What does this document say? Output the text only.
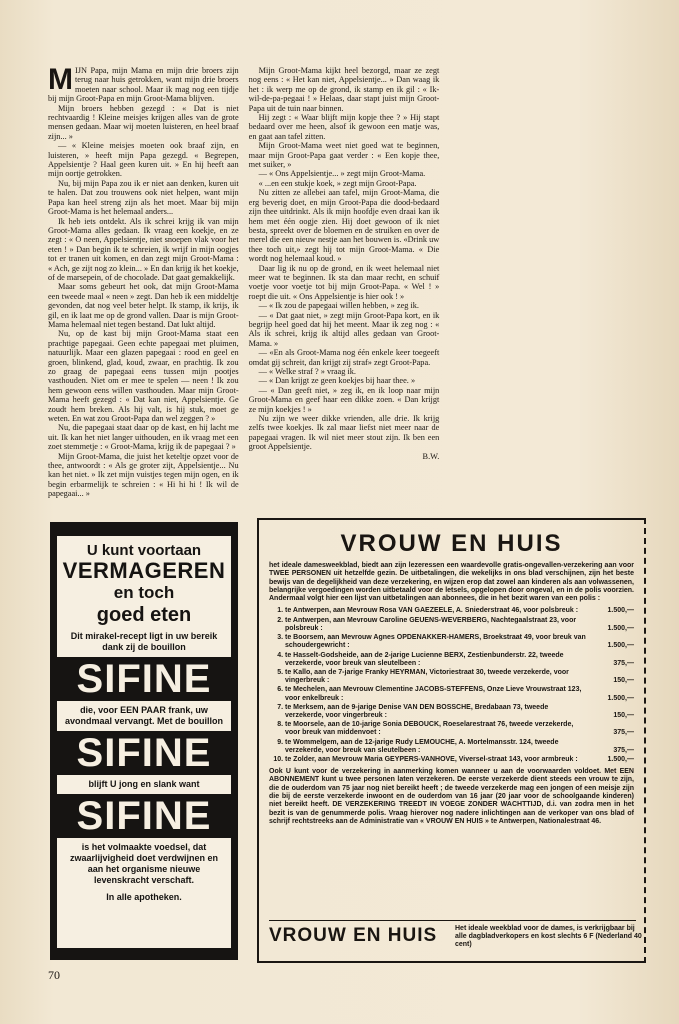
MIJN Papa, mijn Mama en mijn drie broers zijn terug naar huis getrokken, want mijn drie broers moeten naar school. Maar ik mag nog een tijdje bij mijn Groot-Papa en mijn Groot-Mama blijven.

Mijn broers hebben gezegd : « Dat is niet rechtvaardig ! Kleine meisjes krijgen alles van de grote mensen gedaan. Maar wij moeten luisteren, en heel braaf zijn... »

— « Kleine meisjes moeten ook braaf zijn, en luisteren, » heeft mijn Papa gezegd. « Begrepen, Appelsientje ? Haal geen kuren uit. » En hij heeft aan mijn oortje getrokken.

Nu, bij mijn Papa zou ik er niet aan denken, kuren uit te halen. Dat zou trouwens ook niet helpen, want mijn Papa kan heel streng zijn als het moet. Maar bij mijn Groot-Mama is het helemaal anders...

Ik heb iets ontdekt. Als ik schrei krijg ik van mijn Groot-Mama alles gedaan. Ik vraag een koekje, en ze zegt : « O neen, Appelsientje, niet snoepen vlak voor het eten ! » Dan begin ik te schreien, ik wrijf in mijn oogjes tot er tranen uit komen, en dan zegt mijn Groot-Mama : « Ach, ge zijt nog zo klein... » En dan krijg ik het koekje, of de marsepein, of de chocolade. Dat gaat gemakkelijk.

Maar soms gebeurt het ook, dat mijn Groot-Mama een tweede maal « neen » zegt. Dan heb ik een middeltje gevonden, dat nog veel beter helpt. Ik stamp, ik krijs, ik gil, en ik laat me op de grond vallen. Daar is mijn Groot-Mama helemaal niet tegen bestand. Dat lukt altijd.

Nu, op de kast bij mijn Groot-Mama staat een prachtige papegaai. Geen echte papegaai met pluimen, natuurlijk. Maar een glazen papegaai : rood en geel en groen, blinkend, glad, koud, zwaar, en prachtig. Ik zou zo graag de papegaai eens tussen mijn pootjes vasthouden. Niet om er mee te spelen — neen ! Ik zou hem gewoon eens willen vasthouden. Maar mijn Groot-Mama heeft gezegd : « Dat kan niet, Appelsientje. Ge zoudt hem breken. Als hij valt, is hij stuk, moet ge weten. En wat zou Groot-Papa dan wel zeggen ? »

Nu, die papegaai staat daar op de kast, en hij lacht me uit. Ik kan het niet langer uithouden, en ik vraag met een zoet stemmetje : « Groot-Mama, krijg ik de papegaai ? »

Mijn Groot-Mama, die juist het keteltje opzet voor de thee, antwoordt : « Als ge groter zijt, Appelsientje... Nu kan het niet. » Ik zet mijn vuistjes tegen mijn ogen, en ik begin erbarmelijk te schreien : « Hi hi hi ! Ik wil de papegaai... »

Mijn Groot-Mama kijkt heel bezorgd, maar ze zegt nog eens : « Het kan niet, Appelsientje... » Dan waag ik het : ik werp me op de grond, ik stamp en ik gil : « Ik-wil-de-pa-pegaai ! » Helaas, daar stapt juist mijn Groot-Papa uit de tuin naar binnen.

Hij zegt : « Waar blijft mijn kopje thee ? » Hij stapt bedaard over me heen, alsof ik gewoon een matje was, en gaat aan tafel zitten.

Mijn Groot-Mama weet niet goed wat te beginnen, maar mijn Groot-Papa gaat verder : « Een kopje thee, met suiker, »

— « Ons Appelsientje... » zegt mijn Groot-Mama.

« ...en een stukje koek, » zegt mijn Groot-Papa.

Nu zitten ze allebei aan tafel, mijn Groot-Mama, die erg beverig doet, en mijn Groot-Papa die dood-bedaard zijn thee uitdrinkt. Als ik mijn hoofdje even draai kan ik hem met één oogje zien. Hij doet gewoon of ik niet besta, spreekt over de bloemen en de struiken en over de merel die een nieuw nestje aan het bouwen is. «Drink uw thee toch uit,» zegt hij tot mijn Groot-Mama. « Die wordt nog helemaal koud. »

Daar lig ik nu op de grond, en ik weet helemaal niet meer wat te beginnen. Ik sta dan maar recht, en schuif voetje voor voetje tot bij mijn Groot-Papa. « Wel ! » roept die uit. « Ons Appelsientje is hier ook ! »

— « Ik zou de papegaai willen hebben, » zeg ik.

— « Dat gaat niet, » zegt mijn Groot-Papa kort, en ik begrijp heel goed dat hij het meent. Maar ik zeg nog : « Als ik schrei, krijg ik altijd alles gedaan van Groot-Mama. »

— «En als Groot-Mama nog één enkele keer toegeeft omdat gij schreit, dan krijgt zij straf» zegt Groot-Papa.

— « Welke straf ? » vraag ik.

— « Dan krijgt ze geen koekjes bij haar thee. »

— « Dan geeft niet, » zeg ik, en ik loop naar mijn Groot-Mama en geef haar een dikke zoen. « Dan krijgt ze mijn koekjes ! »

Nu zijn we weer dikke vrienden, alle drie. Ik krijg zelfs twee koekjes. Ik zal maar liefst niet meer naar de papegaai vragen. Ik wil niet meer stout zijn. Ik ben een groot Appelsientje.

B.W.
U kunt voortaan
VERMAGEREN
en toch
goed eten
Dit mirakel-recept ligt in uw bereik dank zij de bouillon
SIFINE
die, voor EEN PAAR frank, uw avondmaal vervangt. Met de bouillon
SIFINE
blijft U jong en slank want
SIFINE
is het volmaakte voedsel, dat zwaarlijvigheid doet verdwijnen en aan het organisme nieuwe levenskracht verschaft.
In alle apotheken.
VROUW EN HUIS
het ideale damesweekblad, biedt aan zijn lezeressen een waardevolle gratis-ongevallen-verzekering aan voor TWEE PERSONEN uit hetzelfde gezin. De uitbetalingen, die wekelijks in ons blad verschijnen, zijn het beste bewijs van de degelijkheid van deze verzekering, en wijzen erop dat zowel aan kinderen als aan volwassenen, belangrijke vergoedingen worden uitbetaald voor de letsels, opgelopen door ongeval, en in de polis voorzien. Andermaal volgt hier een lijst van uitbetalingen aan abonnees, die in het bezit waren van een polis :
1. te Antwerpen, aan Mevrouw Rosa VAN GAEZEELE, A. Sniederstraat 46, voor polsbreuk :	1.500,—
2. te Antwerpen, aan Mevrouw Caroline GEUENS-WEVERBERG, Nachtegaalstraat 23, voor polsbreuk :	1.500,—
3. te Boorsem, aan Mevrouw Agnes OPDENAKKER-HAMERS, Broekstraat 49, voor breuk van schoudergewricht :	1.500,—
4. te Hasselt-Godsheide, aan de 2-jarige Lucienne BERX, Zestienbunderstr. 22, tweede verzekerde, voor breuk van sleutelbeen :	375,—
5. te Kallo, aan de 7-jarige Franky HEYRMAN, Victoriestraat 30, tweede verzekerde, voor vingerbreuk :	150,—
6. te Mechelen, aan Mevrouw Clementine JACOBS-STEFFENS, Onze Lieve Vrouwstraat 123, voor enkelbreuk :	1.500,—
7. te Merksem, aan de 9-jarige Denise VAN DEN BOSSCHE, Bredabaan 73, tweede verzekerde, voor vingerbreuk :	150,—
8. te Moorsele, aan de 10-jarige Sonia DEBOUCK, Roeselarestraat 76, tweede verzekerde, voor breuk van middenvoet :	375,—
9. te Wommelgem, aan de 12-jarige Rudy LEMOUCHE, A. Mortelmansstr. 124, tweede verzekerde, voor breuk van sleutelbeen :	375,—
10. te Zolder, aan Mevrouw Maria GEYPERS-VANHOVE, Viversel-straat 143, voor armbreuk :	1.500,—
Ook U kunt voor de verzekering in aanmerking komen wanneer u aan de voorwaarden voldoet. Met EEN ABONNEMENT kunt u twee personen laten verzekeren. De eerste verzekerde dient steeds een vrouw te zijn, die de ouderdom van 75 jaar nog niet bereikt heeft ; de tweede verzekerde mag een jongen of een meisje zijn die bij de eerste verzekerde inwoont en de ouderdom van 16 jaar (20 jaar voor de schoolgaande kinderen) niet bereikt heeft. DE VERZEKERING TREEDT IN VOEGE ZONDER WACHTTIJD, d.i. van zodra men in het bezit is van de genummerde polis. Vraag hierover nog nadere inlichtingen aan de verkoper van ons blad of schrijf rechtstreeks aan de Administratie van « VROUW EN HUIS » te Antwerpen, Nationalestraat 46.
VROUW EN HUIS	Het ideale weekblad voor de dames, is verkrijgbaar bij alle dagbladverkopers en kost slechts 6 F (Nederland 40 cent)
70
